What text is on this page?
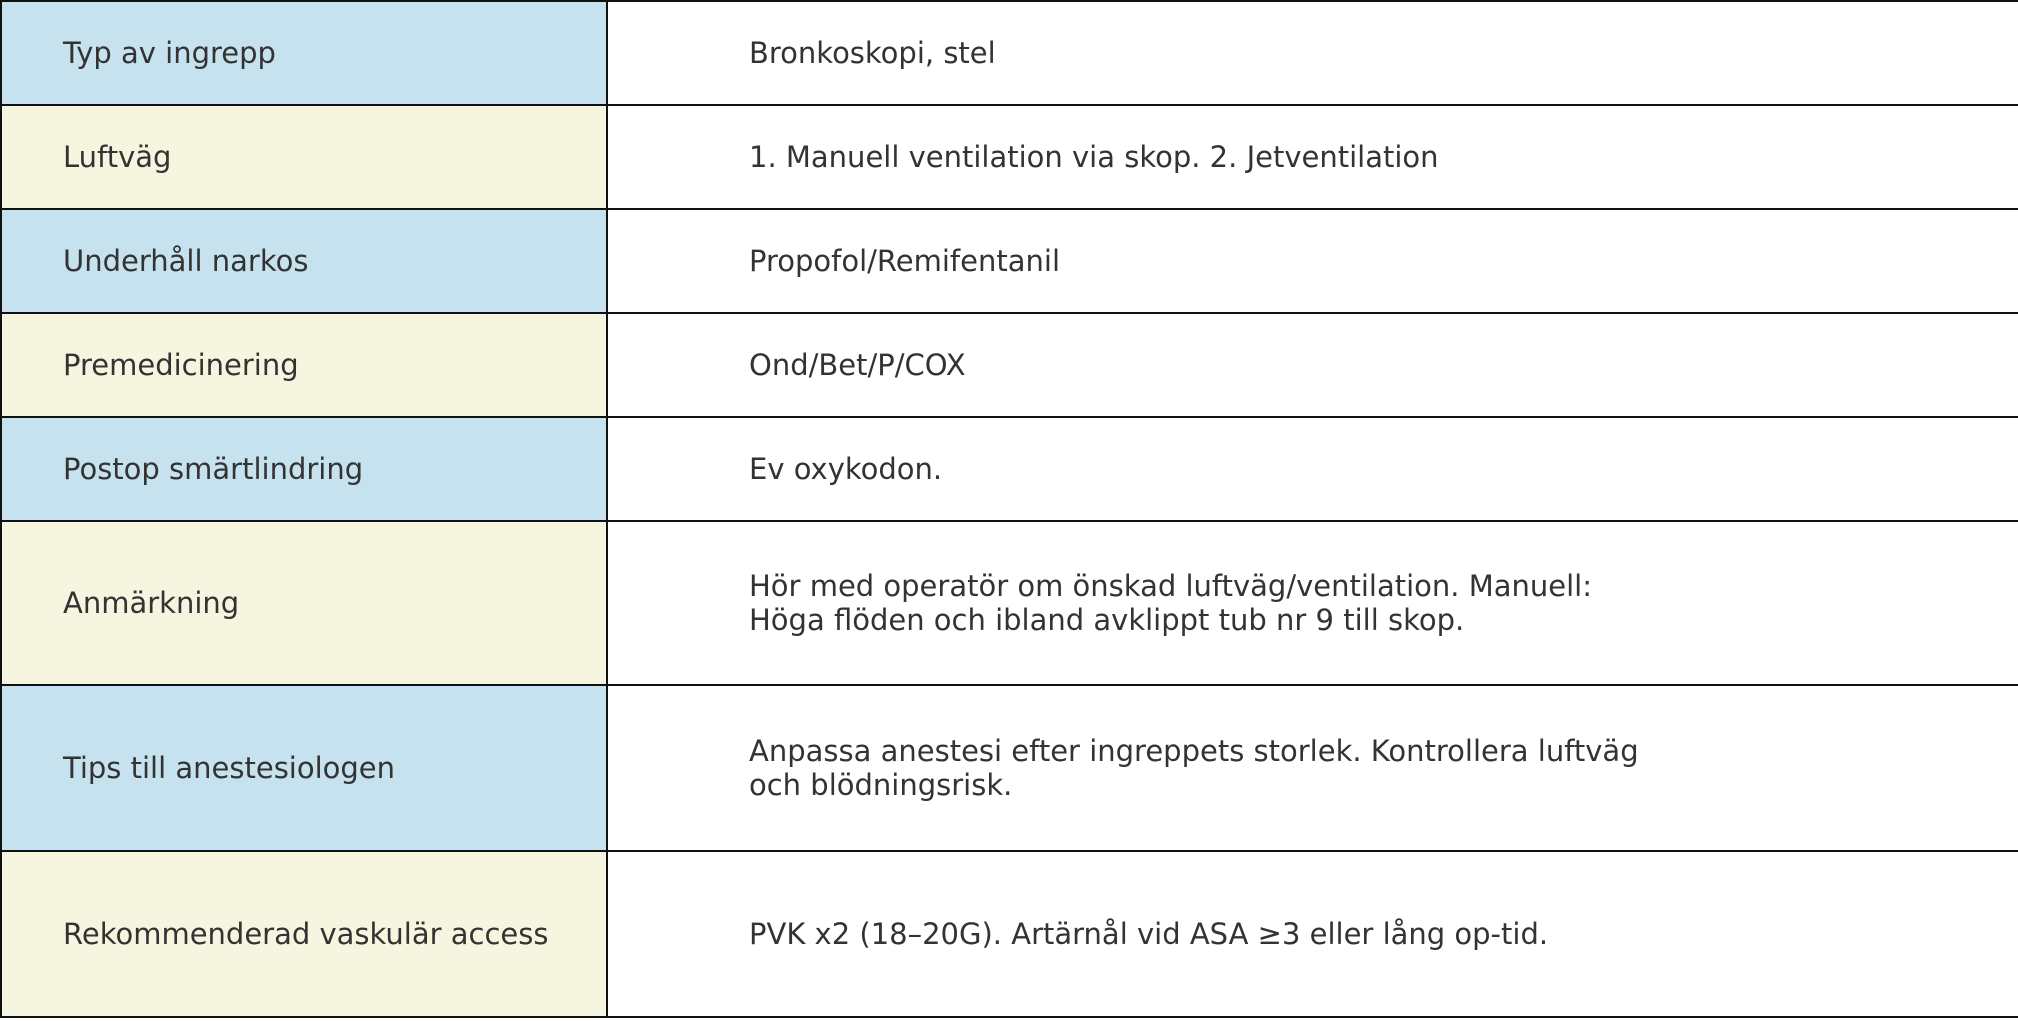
Typ av ingrepp	Bronkoskopi, stel
Luftväg	1. Manuell ventilation via skop. 2. Jetventilation
Underhåll narkos	Propofol/Remifentanil
Premedicinering	Ond/Bet/P/COX
Postop smärtlindring	Ev oxykodon.
Anmärkning	Hör med operatör om önskad luftväg/ventilation. Manuell: Höga flöden och ibland avklippt tub nr 9 till skop.
Tips till anestesiologen	Anpassa anestesi efter ingreppets storlek. Kontrollera luftväg och blödningsrisk.
Rekommenderad vaskulär access	PVK x2 (18–20G). Artärnål vid ASA ≥3 eller lång op-tid.
